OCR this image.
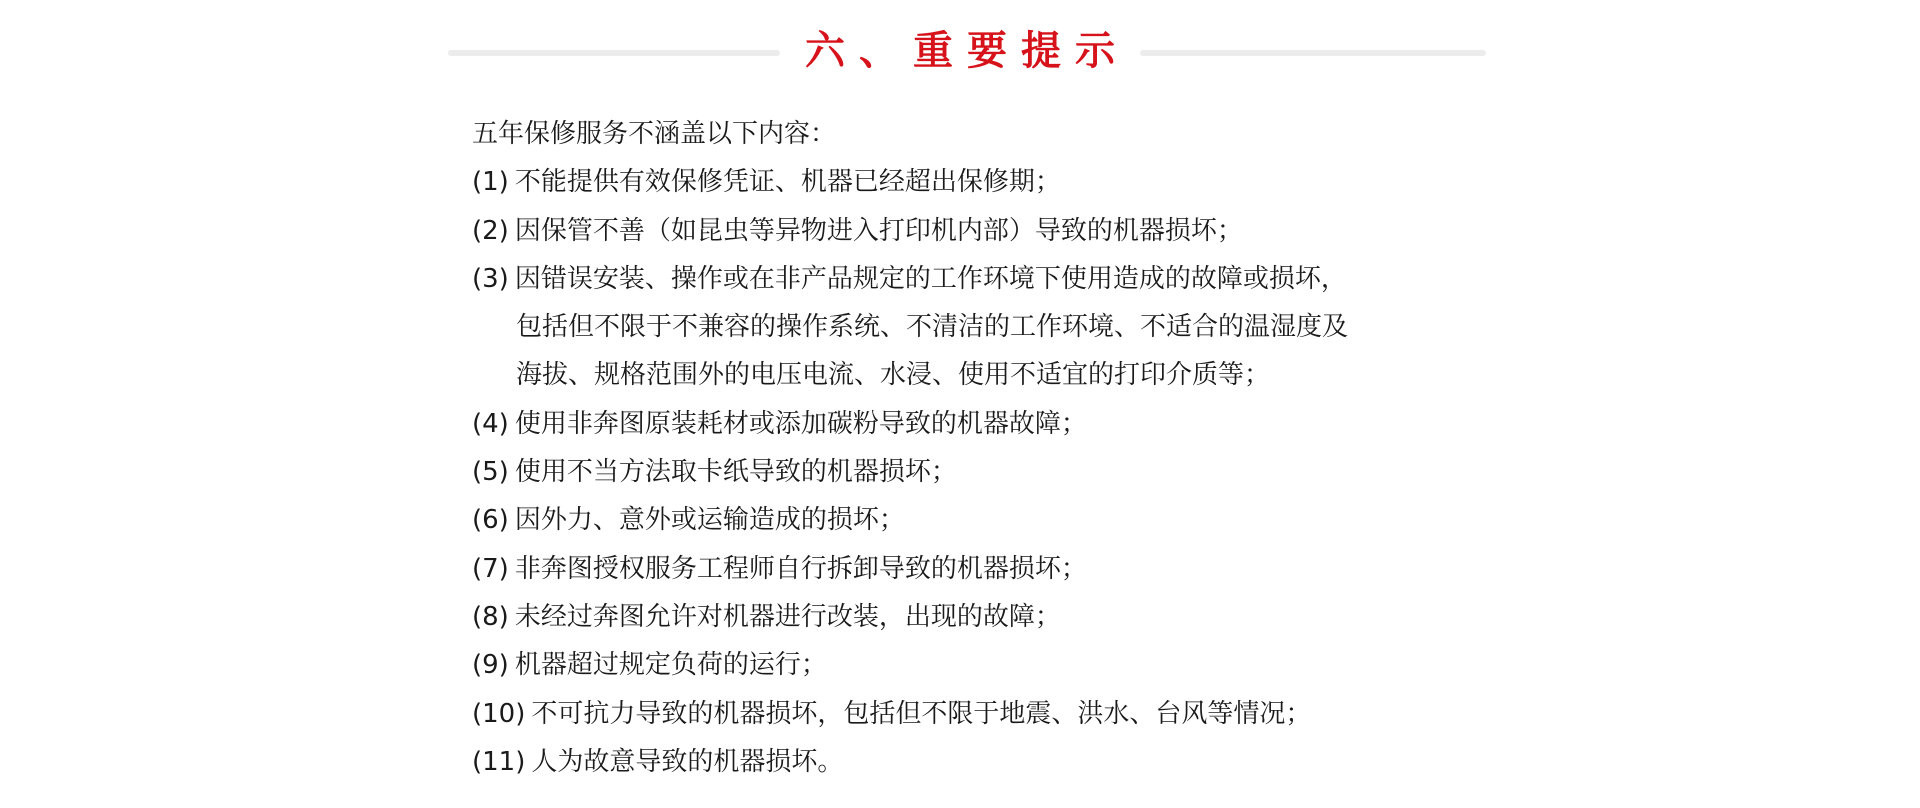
六、重要提示
五年保修服务不涵盖以下内容：
(1) 不能提供有效保修凭证、机器已经超出保修期；
(2) 因保管不善（如昆虫等异物进入打印机内部）导致的机器损坏；
(3) 因错误安装、操作或在非产品规定的工作环境下使用造成的故障或损坏，
包括但不限于不兼容的操作系统、不清洁的工作环境、不适合的温湿度及
海拔、规格范围外的电压电流、水浸、使用不适宜的打印介质等；
(4) 使用非奔图原装耗材或添加碳粉导致的机器故障；
(5) 使用不当方法取卡纸导致的机器损坏；
(6) 因外力、意外或运输造成的损坏；
(7) 非奔图授权服务工程师自行拆卸导致的机器损坏；
(8) 未经过奔图允许对机器进行改装，出现的故障；
(9) 机器超过规定负荷的运行；
(10) 不可抗力导致的机器损坏，包括但不限于地震、洪水、台风等情况；
(11) 人为故意导致的机器损坏。
